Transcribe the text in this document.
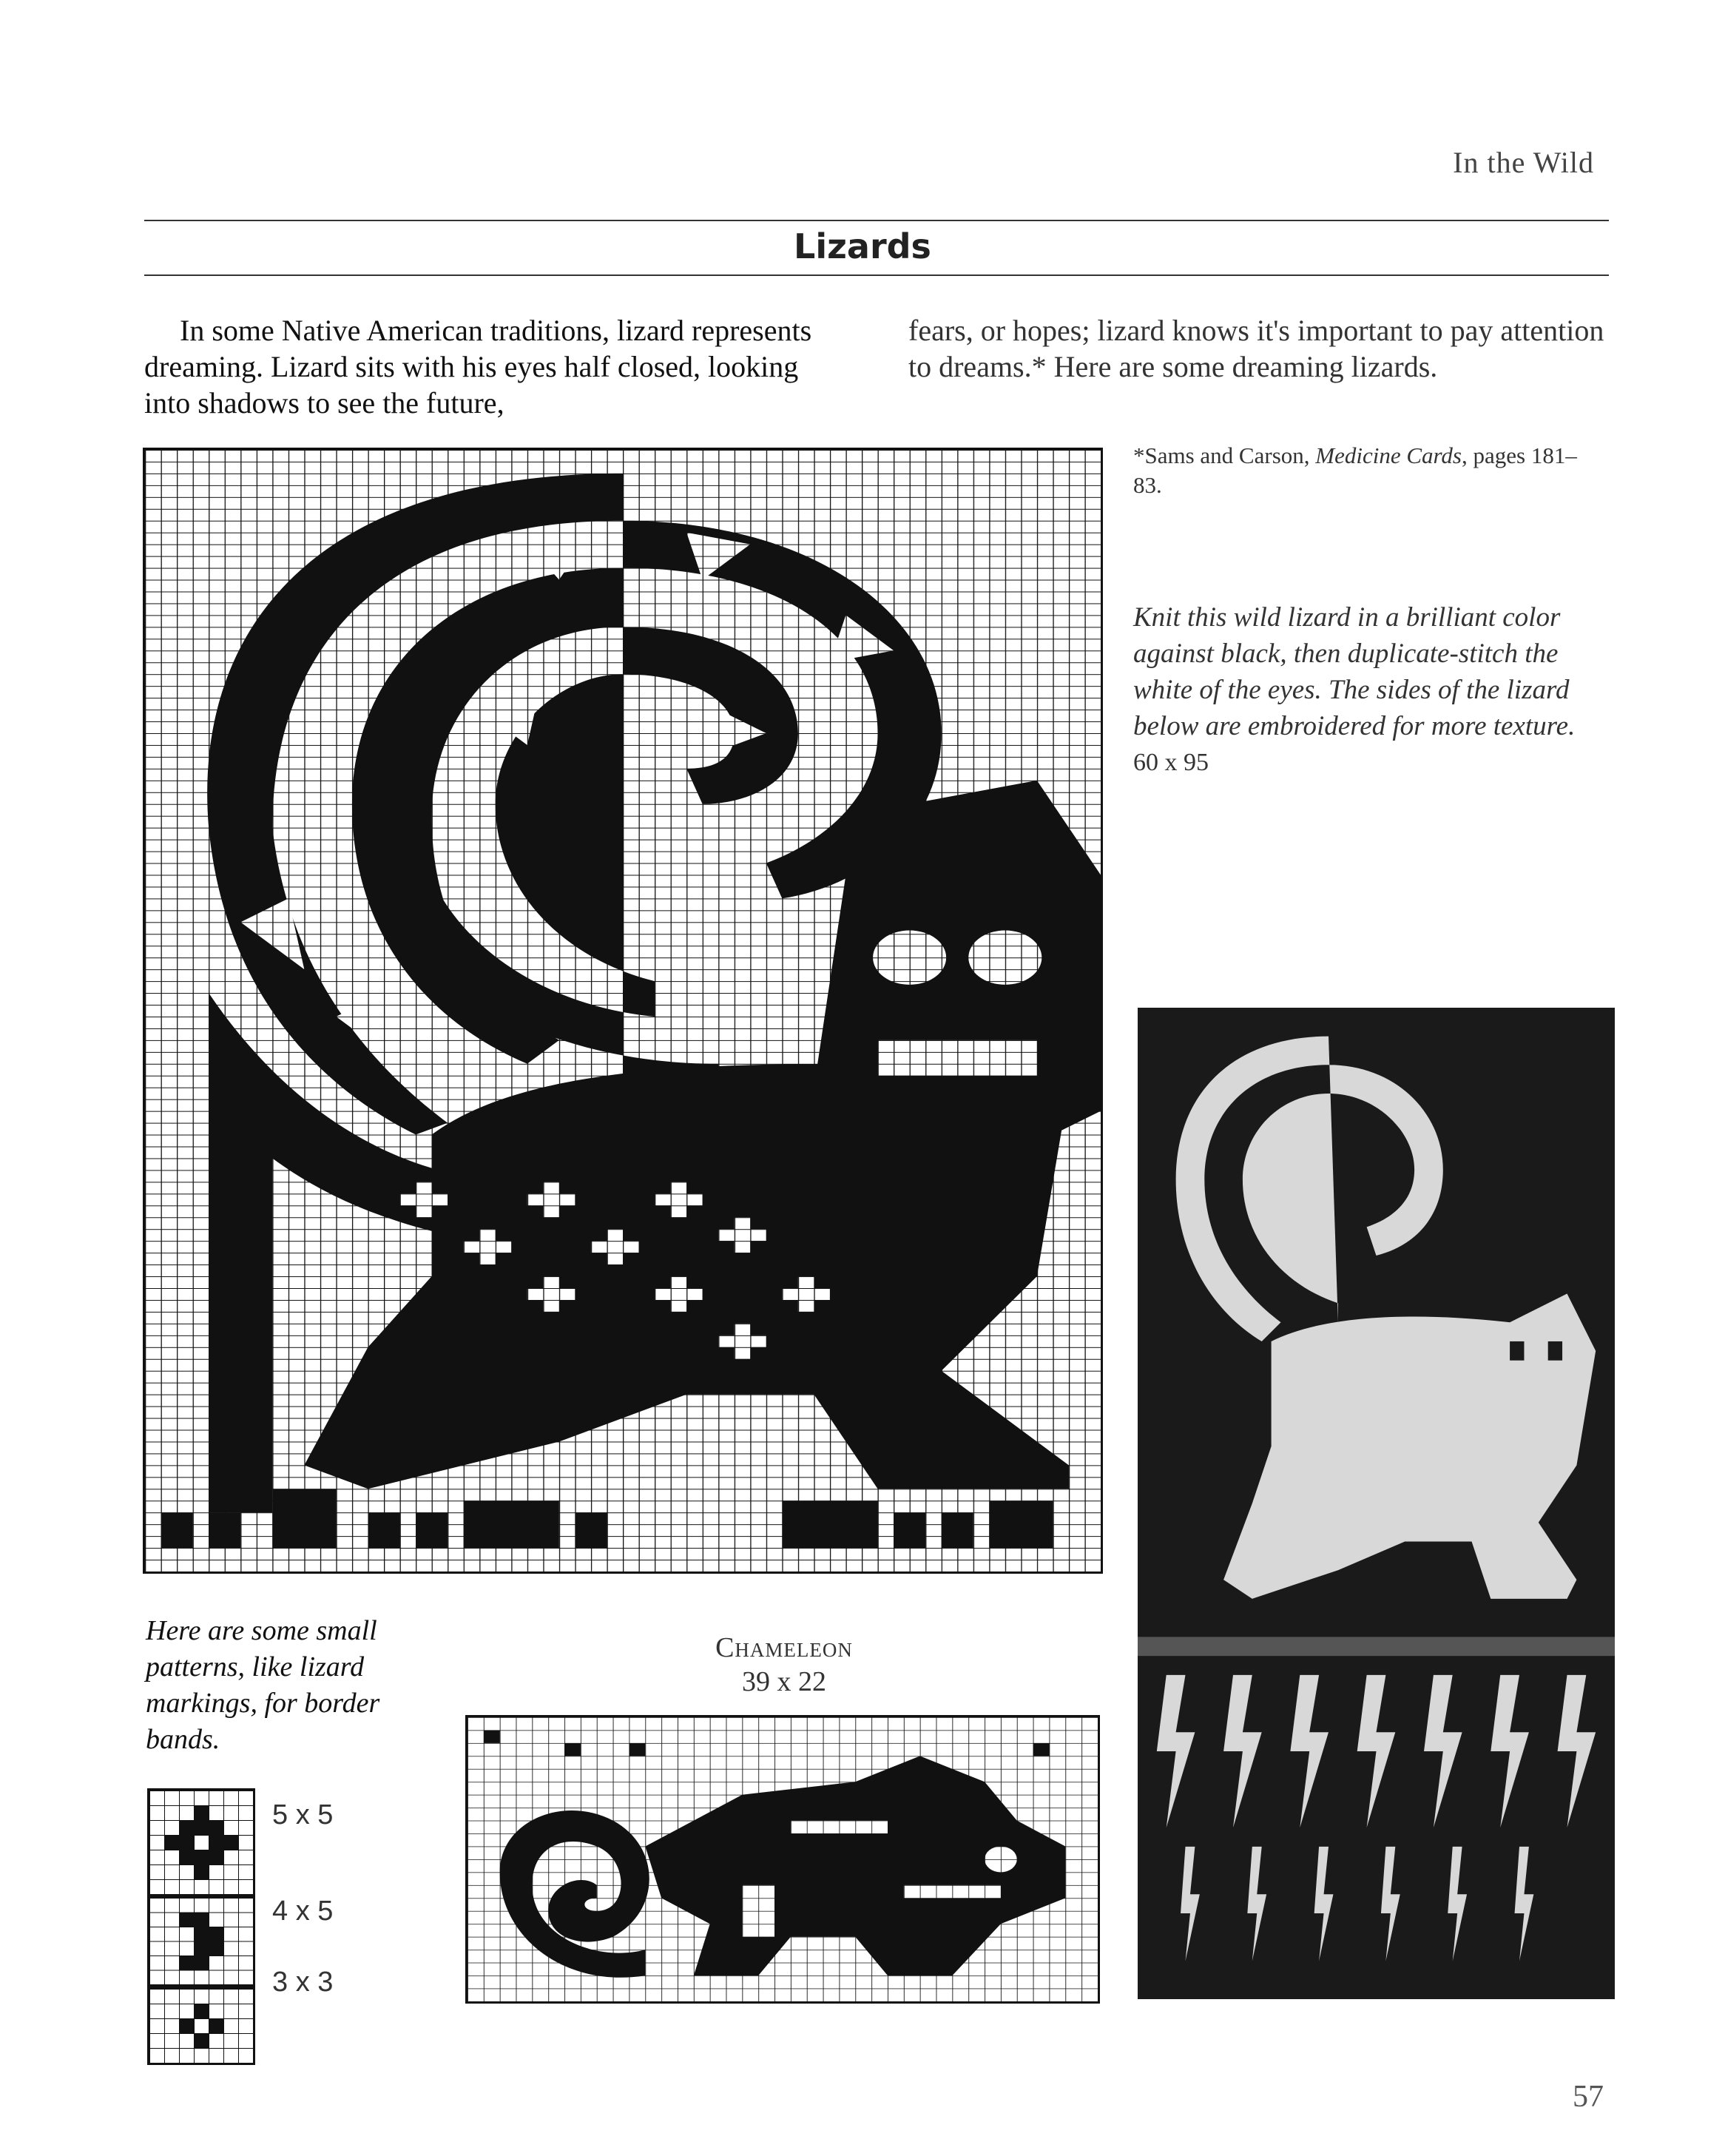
In the Wild
Lizards
In some Native American traditions, lizard represents dreaming. Lizard sits with his eyes half closed, looking into shadows to see the future,
fears, or hopes; lizard knows it's important to pay attention to dreams.* Here are some dreaming lizards.
*Sams and Carson, Medicine Cards, pages 181–83.
Knit this wild lizard in a brilliant color against black, then duplicate-stitch the white of the eyes. The sides of the lizard below are embroidered for more texture.
60 x 95
Here are some small patterns, like lizard markings, for border bands.
5 x 5
4 x 5
3 x 3
Chameleon
39 x 22
57
